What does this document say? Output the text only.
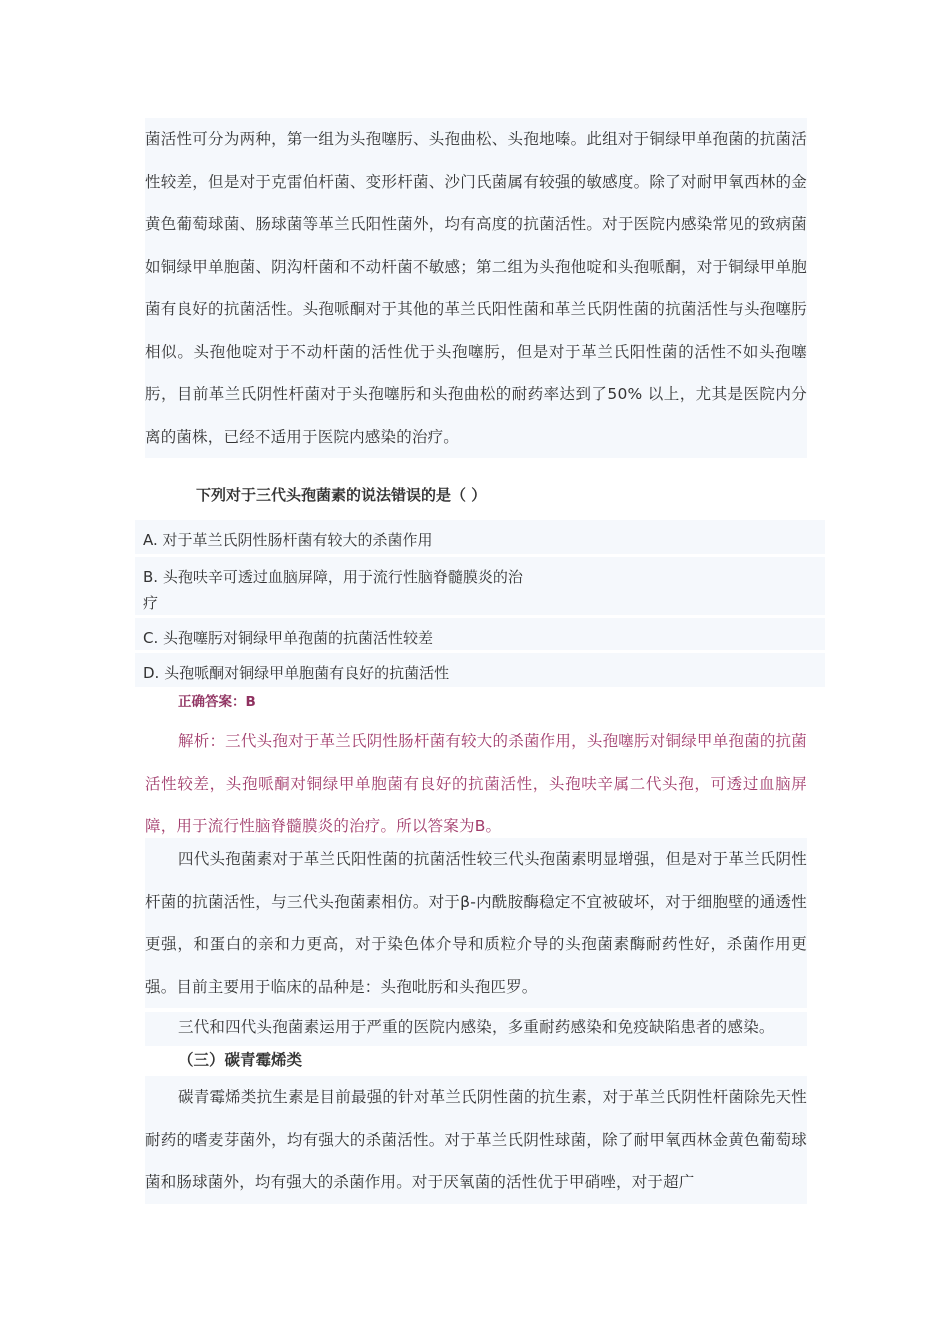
菌活性可分为两种，第一组为头孢噻肟、头孢曲松、头孢地嗪。此组对于铜绿甲单孢菌的抗菌活性较差，但是对于克雷伯杆菌、变形杆菌、沙门氏菌属有较强的敏感度。除了对耐甲氧西林的金黄色葡萄球菌、肠球菌等革兰氏阳性菌外，均有高度的抗菌活性。对于医院内感染常见的致病菌如铜绿甲单胞菌、阴沟杆菌和不动杆菌不敏感；第二组为头孢他啶和头孢哌酮，对于铜绿甲单胞菌有良好的抗菌活性。头孢哌酮对于其他的革兰氏阳性菌和革兰氏阴性菌的抗菌活性与头孢噻肟相似。头孢他啶对于不动杆菌的活性优于头孢噻肟，但是对于革兰氏阳性菌的活性不如头孢噻肟，目前革兰氏阴性杆菌对于头孢噻肟和头孢曲松的耐药率达到了50% 以上，尤其是医院内分离的菌株，已经不适用于医院内感染的治疗。

下列对于三代头孢菌素的说法错误的是（ ）
A. 对于革兰氏阴性肠杆菌有较大的杀菌作用
B. 头孢呋辛可透过血脑屏障，用于流行性脑脊髓膜炎的治疗
C. 头孢噻肟对铜绿甲单孢菌的抗菌活性较差
D. 头孢哌酮对铜绿甲单胞菌有良好的抗菌活性
正确答案：B

解析：三代头孢对于革兰氏阴性肠杆菌有较大的杀菌作用，头孢噻肟对铜绿甲单孢菌的抗菌活性较差，头孢哌酮对铜绿甲单胞菌有良好的抗菌活性，头孢呋辛属二代头孢，可透过血脑屏障，用于流行性脑脊髓膜炎的治疗。所以答案为B。

四代头孢菌素对于革兰氏阳性菌的抗菌活性较三代头孢菌素明显增强，但是对于革兰氏阴性杆菌的抗菌活性，与三代头孢菌素相仿。对于β-内酰胺酶稳定不宜被破坏，对于细胞壁的通透性更强，和蛋白的亲和力更高，对于染色体介导和质粒介导的头孢菌素酶耐药性好，杀菌作用更强。目前主要用于临床的品种是：头孢吡肟和头孢匹罗。

三代和四代头孢菌素运用于严重的医院内感染，多重耐药感染和免疫缺陷患者的感染。

（三）碳青霉烯类

碳青霉烯类抗生素是目前最强的针对革兰氏阴性菌的抗生素，对于革兰氏阴性杆菌除先天性耐药的嗜麦芽菌外，均有强大的杀菌活性。对于革兰氏阴性球菌，除了耐甲氧西林金黄色葡萄球菌和肠球菌外，均有强大的杀菌作用。对于厌氧菌的活性优于甲硝唑，对于超广
